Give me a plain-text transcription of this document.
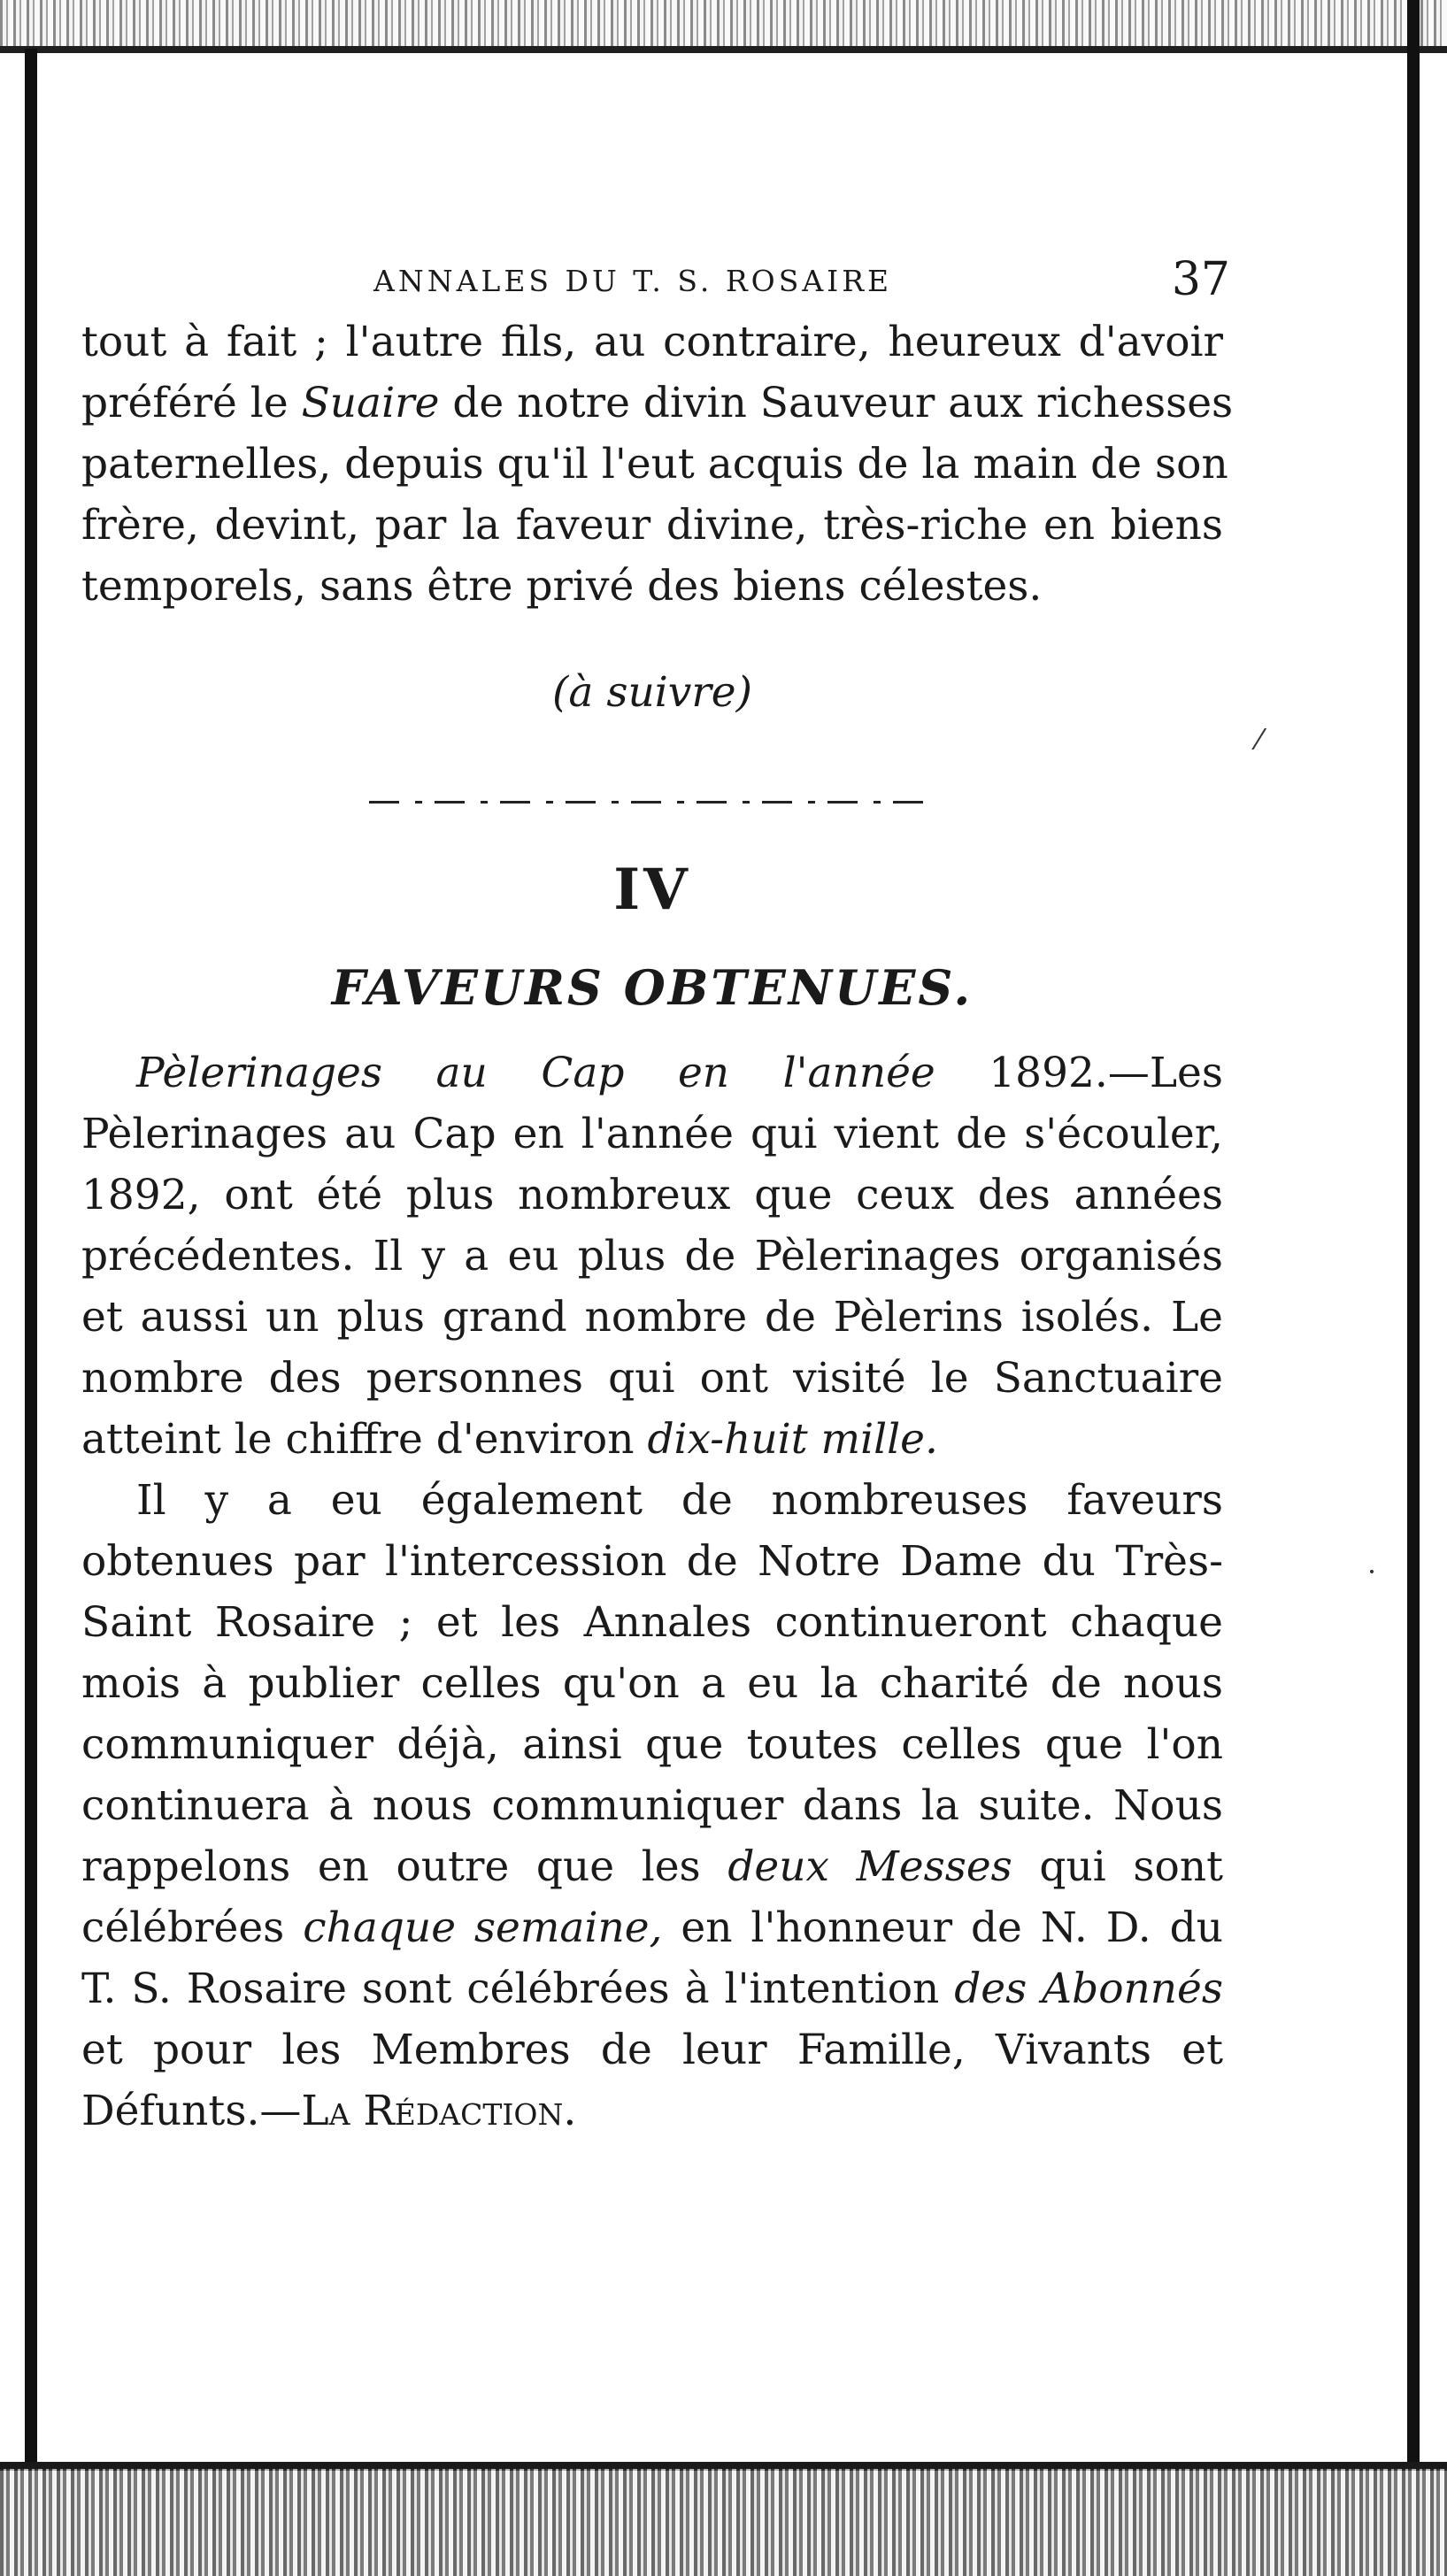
⁄
·
ANNALES DU T. S. ROSAIRE	37
tout à fait ; l'autre fils, au contraire, heureux d'avoir
préféré le Suaire de notre divin Sauveur aux richesses
paternelles, depuis qu'il l'eut acquis de la main de son
frère, devint, par la faveur divine, très-riche en biens
temporels, sans être privé des biens célestes.
(à suivre)
IV
FAVEURS OBTENUES.
Pèlerinages au Cap en l'année 1892.—Les
Pèlerinages au Cap en l'année qui vient de s'écouler,
1892, ont été plus nombreux que ceux des années
précédentes. Il y a eu plus de Pèlerinages organisés
et aussi un plus grand nombre de Pèlerins isolés. Le
nombre des personnes qui ont visité le Sanctuaire
atteint le chiffre d'environ dix-huit mille.
Il y a eu également de nombreuses faveurs
obtenues par l'intercession de Notre Dame du Très-
Saint Rosaire ; et les Annales continueront chaque
mois à publier celles qu'on a eu la charité de nous
communiquer déjà, ainsi que toutes celles que l'on
continuera à nous communiquer dans la suite. Nous
rappelons en outre que les deux Messes qui sont
célébrées chaque semaine, en l'honneur de N. D. du
T. S. Rosaire sont célébrées à l'intention des Abonnés
et pour les Membres de leur Famille, Vivants et
Défunts.—La Rédaction.
